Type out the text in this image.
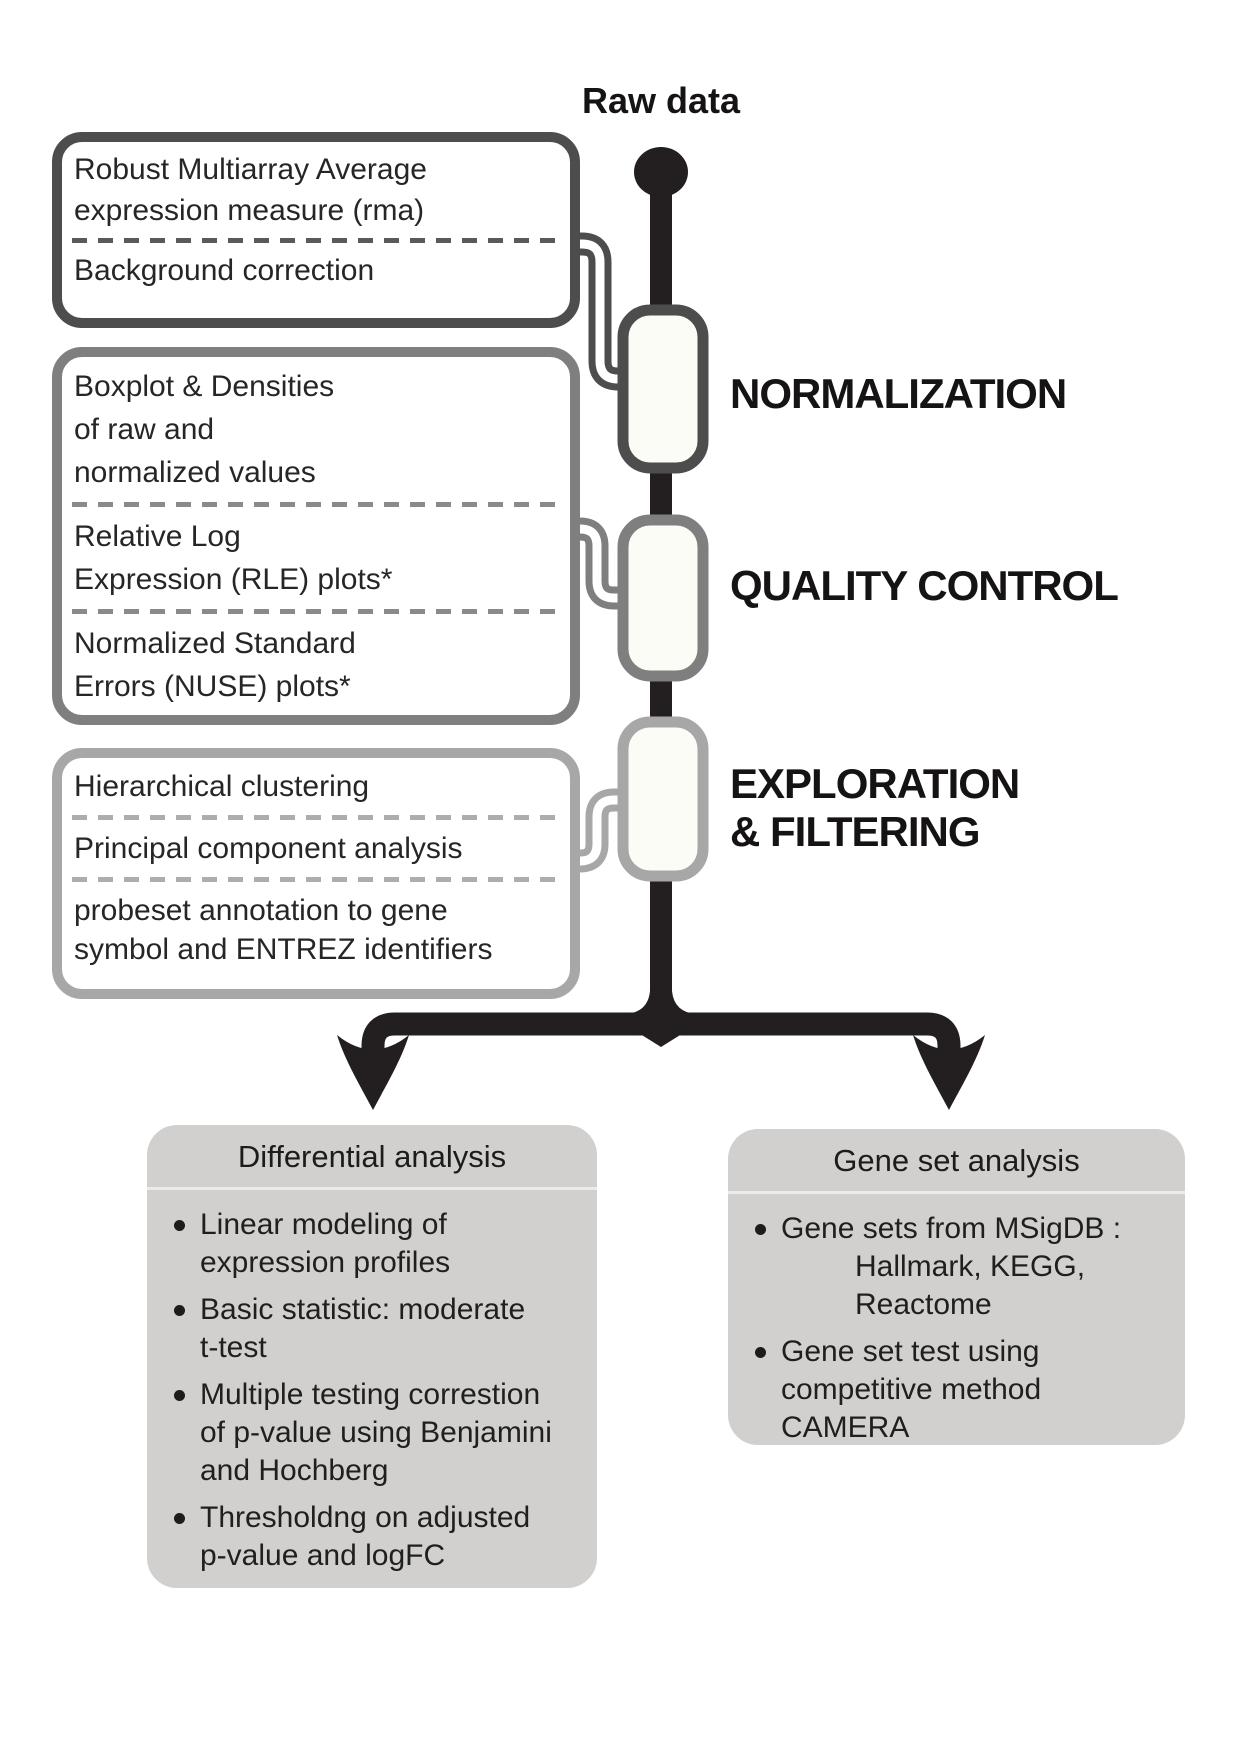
Raw data
NORMALIZATION
QUALITY CONTROL
EXPLORATION
& FILTERING
Robust Multiarray Average
expression measure (rma)
Background correction
Boxplot & Densities
of raw and
normalized values
Relative Log
Expression (RLE) plots*
Normalized Standard
Errors (NUSE) plots*
Hierarchical clustering
Principal component analysis
probeset annotation to gene
symbol and ENTREZ identifiers
Differential analysis
Linear modeling of
expression profiles
Basic statistic: moderate
t-test
Multiple testing correstion
of p-value using Benjamini
and Hochberg
Thresholdng on adjusted
p-value and logFC
Gene set analysis
Gene sets from MSigDB :
Hallmark, KEGG,
Reactome
Gene set test using
competitive method
CAMERA
